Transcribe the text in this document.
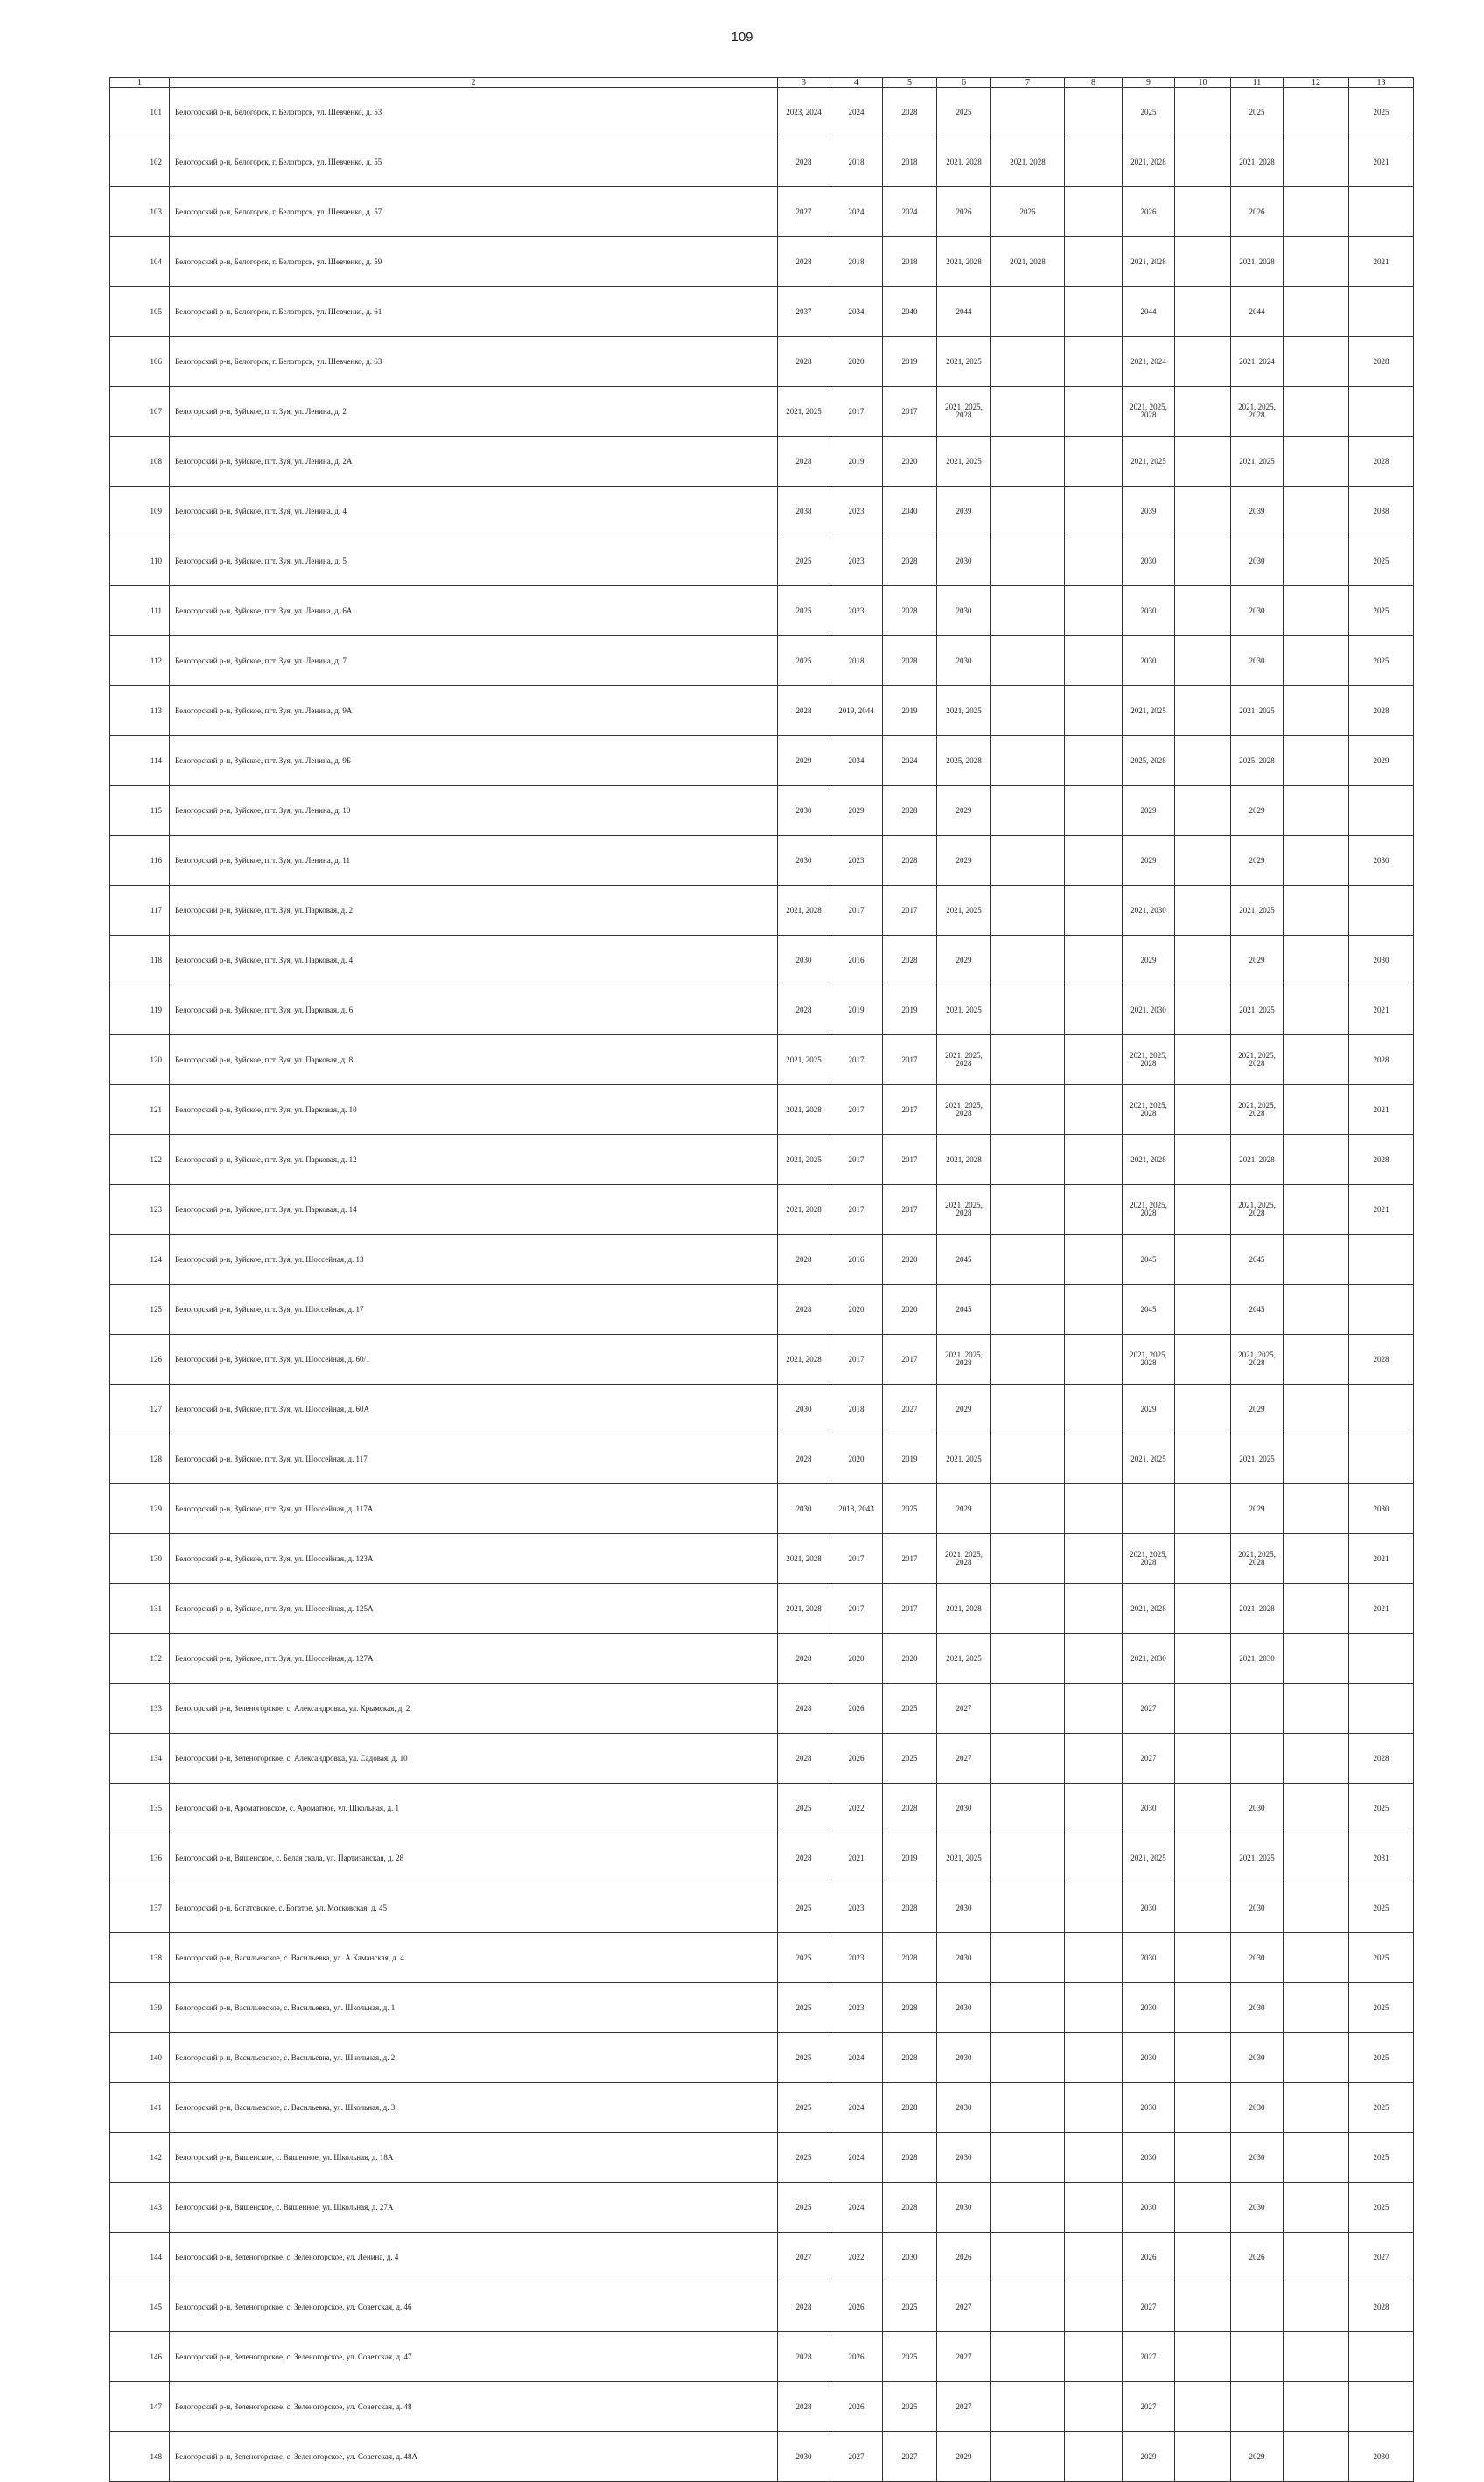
109
1	2	3	4	5	6	7	8	9	10	11	12	13
101	Белогорский р-н, Белогорск, г. Белогорск, ул. Шевченко, д. 53	2023, 2024	2024	2028	2025			2025		2025		2025
102	Белогорский р-н, Белогорск, г. Белогорск, ул. Шевченко, д. 55	2028	2018	2018	2021, 2028	2021, 2028		2021, 2028		2021, 2028		2021
103	Белогорский р-н, Белогорск, г. Белогорск, ул. Шевченко, д. 57	2027	2024	2024	2026	2026		2026		2026		
104	Белогорский р-н, Белогорск, г. Белогорск, ул. Шевченко, д. 59	2028	2018	2018	2021, 2028	2021, 2028		2021, 2028		2021, 2028		2021
105	Белогорский р-н, Белогорск, г. Белогорск, ул. Шевченко, д. 61	2037	2034	2040	2044			2044		2044		
106	Белогорский р-н, Белогорск, г. Белогорск, ул. Шевченко, д. 63	2028	2020	2019	2021, 2025			2021, 2024		2021, 2024		2028
107	Белогорский р-н, Зуйское, пгт. Зуя, ул. Ленина, д. 2	2021, 2025	2017	2017	2021, 2025, 2028			2021, 2025, 2028		2021, 2025, 2028		
108	Белогорский р-н, Зуйское, пгт. Зуя, ул. Ленина, д. 2А	2028	2019	2020	2021, 2025			2021, 2025		2021, 2025		2028
109	Белогорский р-н, Зуйское, пгт. Зуя, ул. Ленина, д. 4	2038	2023	2040	2039			2039		2039		2038
110	Белогорский р-н, Зуйское, пгт. Зуя, ул. Ленина, д. 5	2025	2023	2028	2030			2030		2030		2025
111	Белогорский р-н, Зуйское, пгт. Зуя, ул. Ленина, д. 6А	2025	2023	2028	2030			2030		2030		2025
112	Белогорский р-н, Зуйское, пгт. Зуя, ул. Ленина, д. 7	2025	2018	2028	2030			2030		2030		2025
113	Белогорский р-н, Зуйское, пгт. Зуя, ул. Ленина, д. 9А	2028	2019, 2044	2019	2021, 2025			2021, 2025		2021, 2025		2028
114	Белогорский р-н, Зуйское, пгт. Зуя, ул. Ленина, д. 9Б	2029	2034	2024	2025, 2028			2025, 2028		2025, 2028		2029
115	Белогорский р-н, Зуйское, пгт. Зуя, ул. Ленина, д. 10	2030	2029	2028	2029			2029		2029		
116	Белогорский р-н, Зуйское, пгт. Зуя, ул. Ленина, д. 11	2030	2023	2028	2029			2029		2029		2030
117	Белогорский р-н, Зуйское, пгт. Зуя, ул. Парковая, д. 2	2021, 2028	2017	2017	2021, 2025			2021, 2030		2021, 2025		
118	Белогорский р-н, Зуйское, пгт. Зуя, ул. Парковая, д. 4	2030	2016	2028	2029			2029		2029		2030
119	Белогорский р-н, Зуйское, пгт. Зуя, ул. Парковая, д. 6	2028	2019	2019	2021, 2025			2021, 2030		2021, 2025		2021
120	Белогорский р-н, Зуйское, пгт. Зуя, ул. Парковая, д. 8	2021, 2025	2017	2017	2021, 2025, 2028			2021, 2025, 2028		2021, 2025, 2028		2028
121	Белогорский р-н, Зуйское, пгт. Зуя, ул. Парковая, д. 10	2021, 2028	2017	2017	2021, 2025, 2028			2021, 2025, 2028		2021, 2025, 2028		2021
122	Белогорский р-н, Зуйское, пгт. Зуя, ул. Парковая, д. 12	2021, 2025	2017	2017	2021, 2028			2021, 2028		2021, 2028		2028
123	Белогорский р-н, Зуйское, пгт. Зуя, ул. Парковая, д. 14	2021, 2028	2017	2017	2021, 2025, 2028			2021, 2025, 2028		2021, 2025, 2028		2021
124	Белогорский р-н, Зуйское, пгт. Зуя, ул. Шоссейная, д. 13	2028	2016	2020	2045			2045		2045		
125	Белогорский р-н, Зуйское, пгт. Зуя, ул. Шоссейная, д. 17	2028	2020	2020	2045			2045		2045		
126	Белогорский р-н, Зуйское, пгт. Зуя, ул. Шоссейная, д. 60/1	2021, 2028	2017	2017	2021, 2025, 2028			2021, 2025, 2028		2021, 2025, 2028		2028
127	Белогорский р-н, Зуйское, пгт. Зуя, ул. Шоссейная, д. 60А	2030	2018	2027	2029			2029		2029		
128	Белогорский р-н, Зуйское, пгт. Зуя, ул. Шоссейная, д. 117	2028	2020	2019	2021, 2025			2021, 2025		2021, 2025		
129	Белогорский р-н, Зуйское, пгт. Зуя, ул. Шоссейная, д. 117А	2030	2018, 2043	2025	2029					2029		2030
130	Белогорский р-н, Зуйское, пгт. Зуя, ул. Шоссейная, д. 123А	2021, 2028	2017	2017	2021, 2025, 2028			2021, 2025, 2028		2021, 2025, 2028		2021
131	Белогорский р-н, Зуйское, пгт. Зуя, ул. Шоссейная, д. 125А	2021, 2028	2017	2017	2021, 2028			2021, 2028		2021, 2028		2021
132	Белогорский р-н, Зуйское, пгт. Зуя, ул. Шоссейная, д. 127А	2028	2020	2020	2021, 2025			2021, 2030		2021, 2030		
133	Белогорский р-н, Зеленогорское, с. Александровка, ул. Крымская, д. 2	2028	2026	2025	2027			2027				
134	Белогорский р-н, Зеленогорское, с. Александровка, ул. Садовая, д. 10	2028	2026	2025	2027			2027				2028
135	Белогорский р-н, Ароматновское, с. Ароматное, ул. Школьная, д. 1	2025	2022	2028	2030			2030		2030		2025
136	Белогорский р-н, Вишенское, с. Белая скала, ул. Партизанская, д. 28	2028	2021	2019	2021, 2025			2021, 2025		2021, 2025		2031
137	Белогорский р-н, Богатовское, с. Богатое, ул. Московская, д. 45	2025	2023	2028	2030			2030		2030		2025
138	Белогорский р-н, Васильевское, с. Васильевка, ул. А.Каманская, д. 4	2025	2023	2028	2030			2030		2030		2025
139	Белогорский р-н, Васильевское, с. Васильевка, ул. Школьная, д. 1	2025	2023	2028	2030			2030		2030		2025
140	Белогорский р-н, Васильевское, с. Васильевка, ул. Школьная, д. 2	2025	2024	2028	2030			2030		2030		2025
141	Белогорский р-н, Васильевское, с. Васильевка, ул. Школьная, д. 3	2025	2024	2028	2030			2030		2030		2025
142	Белогорский р-н, Вишенское, с. Вишенное, ул. Школьная, д. 18А	2025	2024	2028	2030			2030		2030		2025
143	Белогорский р-н, Вишенское, с. Вишенное, ул. Школьная, д. 27А	2025	2024	2028	2030			2030		2030		2025
144	Белогорский р-н, Зеленогорское, с. Зеленогорское, ул. Ленина, д. 4	2027	2022	2030	2026			2026		2026		2027
145	Белогорский р-н, Зеленогорское, с. Зеленогорское, ул. Советская, д. 46	2028	2026	2025	2027			2027				2028
146	Белогорский р-н, Зеленогорское, с. Зеленогорское, ул. Советская, д. 47	2028	2026	2025	2027			2027				
147	Белогорский р-н, Зеленогорское, с. Зеленогорское, ул. Советская, д. 48	2028	2026	2025	2027			2027				
148	Белогорский р-н, Зеленогорское, с. Зеленогорское, ул. Советская, д. 48А	2030	2027	2027	2029			2029		2029		2030
